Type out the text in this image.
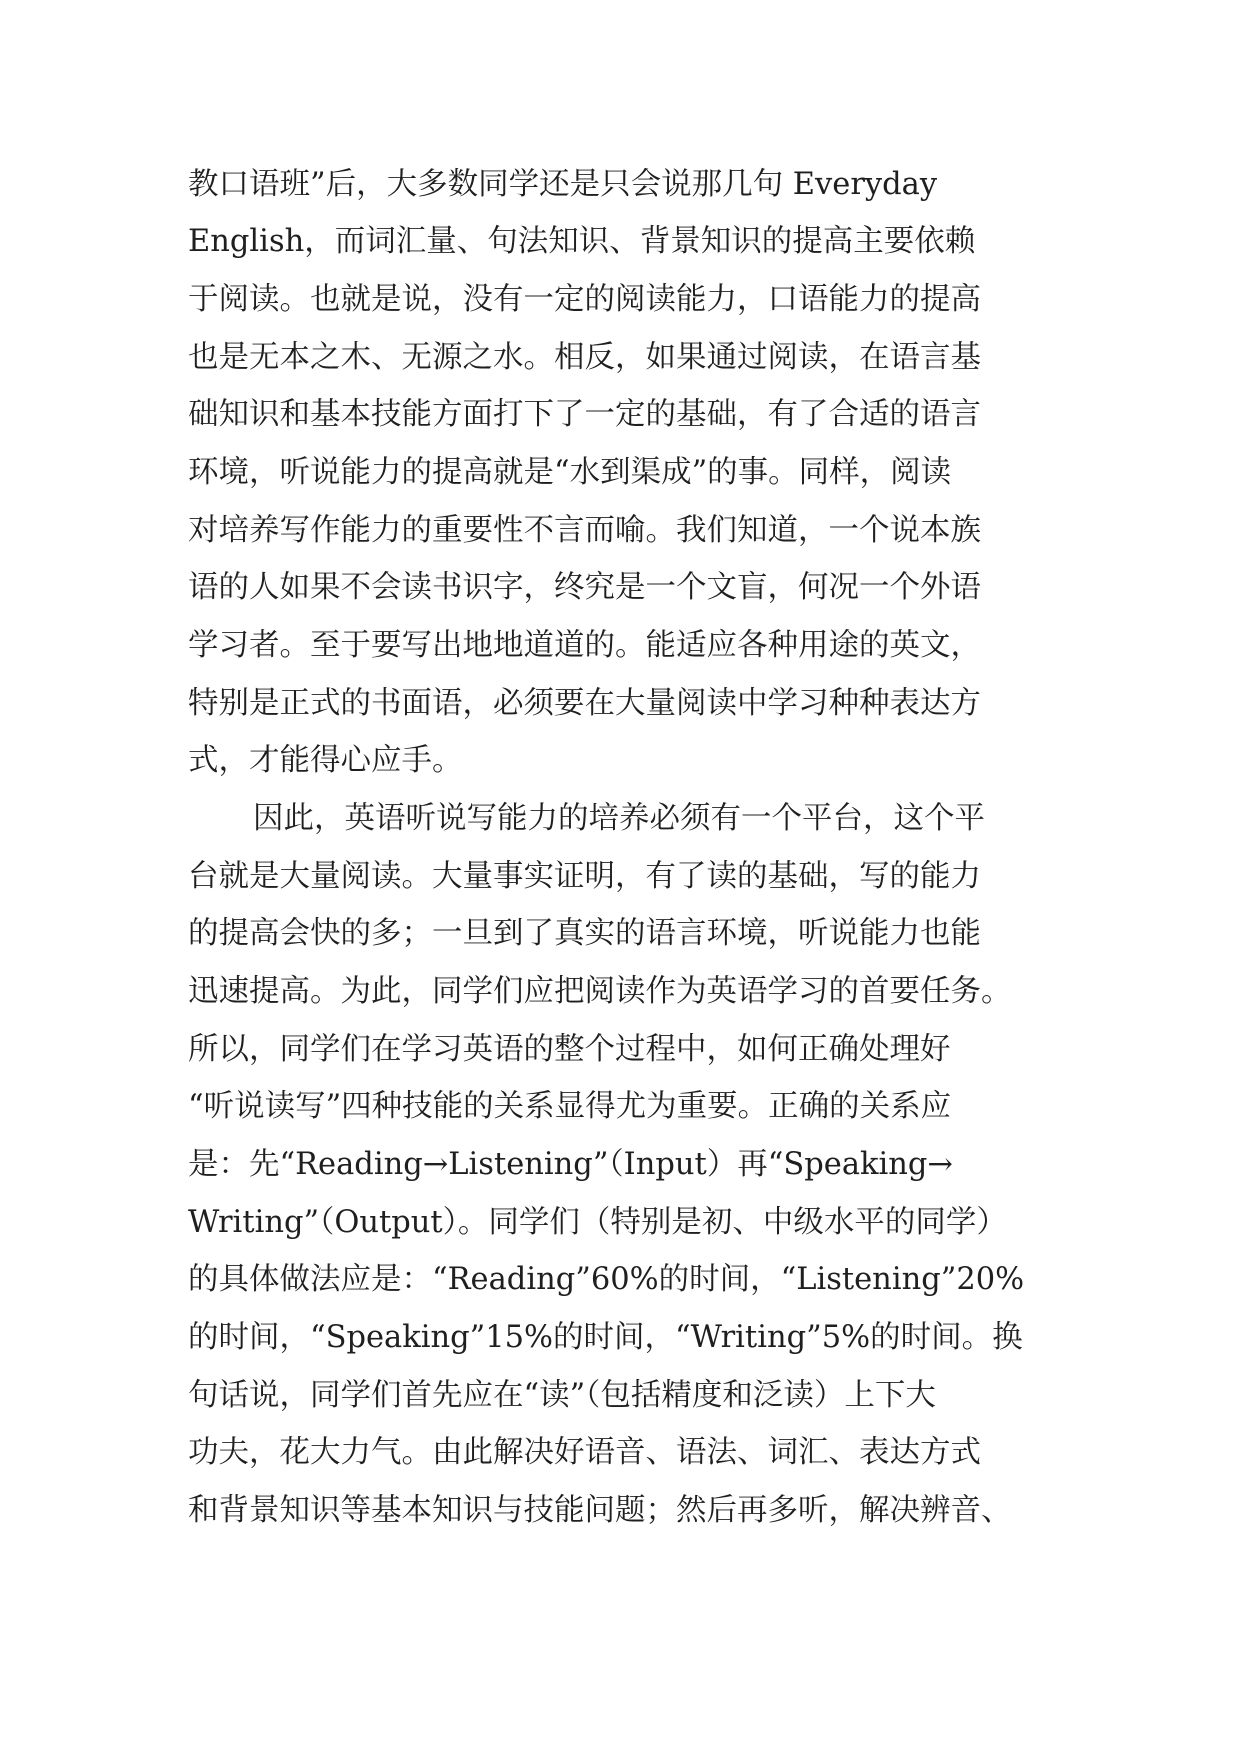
教口语班”后，大多数同学还是只会说那几句 Everyday
English，而词汇量、句法知识、背景知识的提高主要依赖
于阅读。也就是说，没有一定的阅读能力，口语能力的提高
也是无本之木、无源之水。相反，如果通过阅读，在语言基
础知识和基本技能方面打下了一定的基础，有了合适的语言
环境，听说能力的提高就是“水到渠成”的事。同样，阅读
对培养写作能力的重要性不言而喻。我们知道，一个说本族
语的人如果不会读书识字，终究是一个文盲，何况一个外语
学习者。至于要写出地地道道的。能适应各种用途的英文，
特别是正式的书面语，必须要在大量阅读中学习种种表达方
式，才能得心应手。
因此，英语听说写能力的培养必须有一个平台，这个平
台就是大量阅读。大量事实证明，有了读的基础，写的能力
的提高会快的多；一旦到了真实的语言环境，听说能力也能
迅速提高。为此，同学们应把阅读作为英语学习的首要任务。
所以，同学们在学习英语的整个过程中，如何正确处理好
“听说读写”四种技能的关系显得尤为重要。正确的关系应
是：先“Reading→Listening”（Input）再“Speaking→
Writing”（Output）。同学们（特别是初、中级水平的同学）
的具体做法应是：“Reading”60%的时间，“Listening”20%
的时间，“Speaking”15%的时间，“Writing”5%的时间。换
句话说，同学们首先应在“读”（包括精度和泛读）上下大
功夫，花大力气。由此解决好语音、语法、词汇、表达方式
和背景知识等基本知识与技能问题；然后再多听，解决辨音、
